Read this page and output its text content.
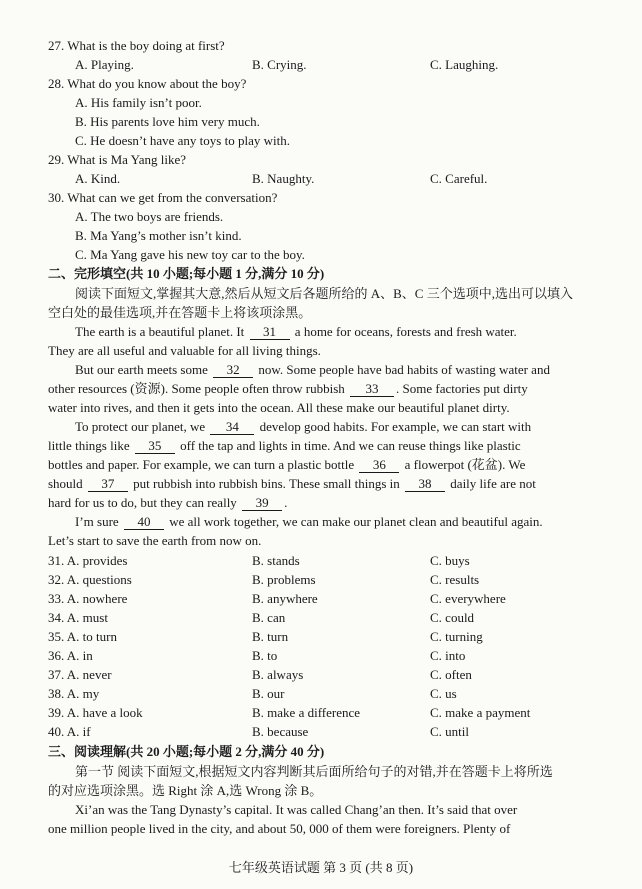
27. What is the boy doing at first?
A. Playing.	B. Crying.	C. Laughing.
28. What do you know about the boy?
A. His family isn’t poor.
B. His parents love him very much.
C. He doesn’t have any toys to play with.
29. What is Ma Yang like?
A. Kind.	B. Naughty.	C. Careful.
30. What can we get from the conversation?
A. The two boys are friends.
B. Ma Yang’s mother isn’t kind.
C. Ma Yang gave his new toy car to the boy.
二、完形填空(共 10 小题;每小题 1 分,满分 10 分)
阅读下面短文,掌握其大意,然后从短文后各题所给的 A、B、C 三个选项中,选出可以填入
空白处的最佳选项,并在答题卡上将该项涂黑。
The earth is a beautiful planet. It 31 a home for oceans, forests and fresh water.
They are all useful and valuable for all living things.
But our earth meets some 32 now. Some people have bad habits of wasting water and
other resources (资源). Some people often throw rubbish 33 . Some factories put dirty
water into rives, and then it gets into the ocean. All these make our beautiful planet dirty.
To protect our planet, we 34 develop good habits. For example, we can start with
little things like 35 off the tap and lights in time. And we can reuse things like plastic
bottles and paper. For example, we can turn a plastic bottle 36 a flowerpot (花盆). We
should 37 put rubbish into rubbish bins. These small things in 38 daily life are not
hard for us to do, but they can really 39 .
I’m sure 40 we all work together, we can make our planet clean and beautiful again.
Let’s start to save the earth from now on.
31. A. provides	B. stands	C. buys
32. A. questions	B. problems	C. results
33. A. nowhere	B. anywhere	C. everywhere
34. A. must	B. can	C. could
35. A. to turn	B. turn	C. turning
36. A. in	B. to	C. into
37. A. never	B. always	C. often
38. A. my	B. our	C. us
39. A. have a look	B. make a difference	C. make a payment
40. A. if	B. because	C. until
三、阅读理解(共 20 小题;每小题 2 分,满分 40 分)
第一节 阅读下面短文,根据短文内容判断其后面所给句子的对错,并在答题卡上将所选
的对应选项涂黑。选 Right 涂 A,选 Wrong 涂 B。
Xi’an was the Tang Dynasty’s capital. It was called Chang’an then. It’s said that over
one million people lived in the city, and about 50, 000 of them were foreigners. Plenty of
七年级英语试题 第 3 页 (共 8 页)
